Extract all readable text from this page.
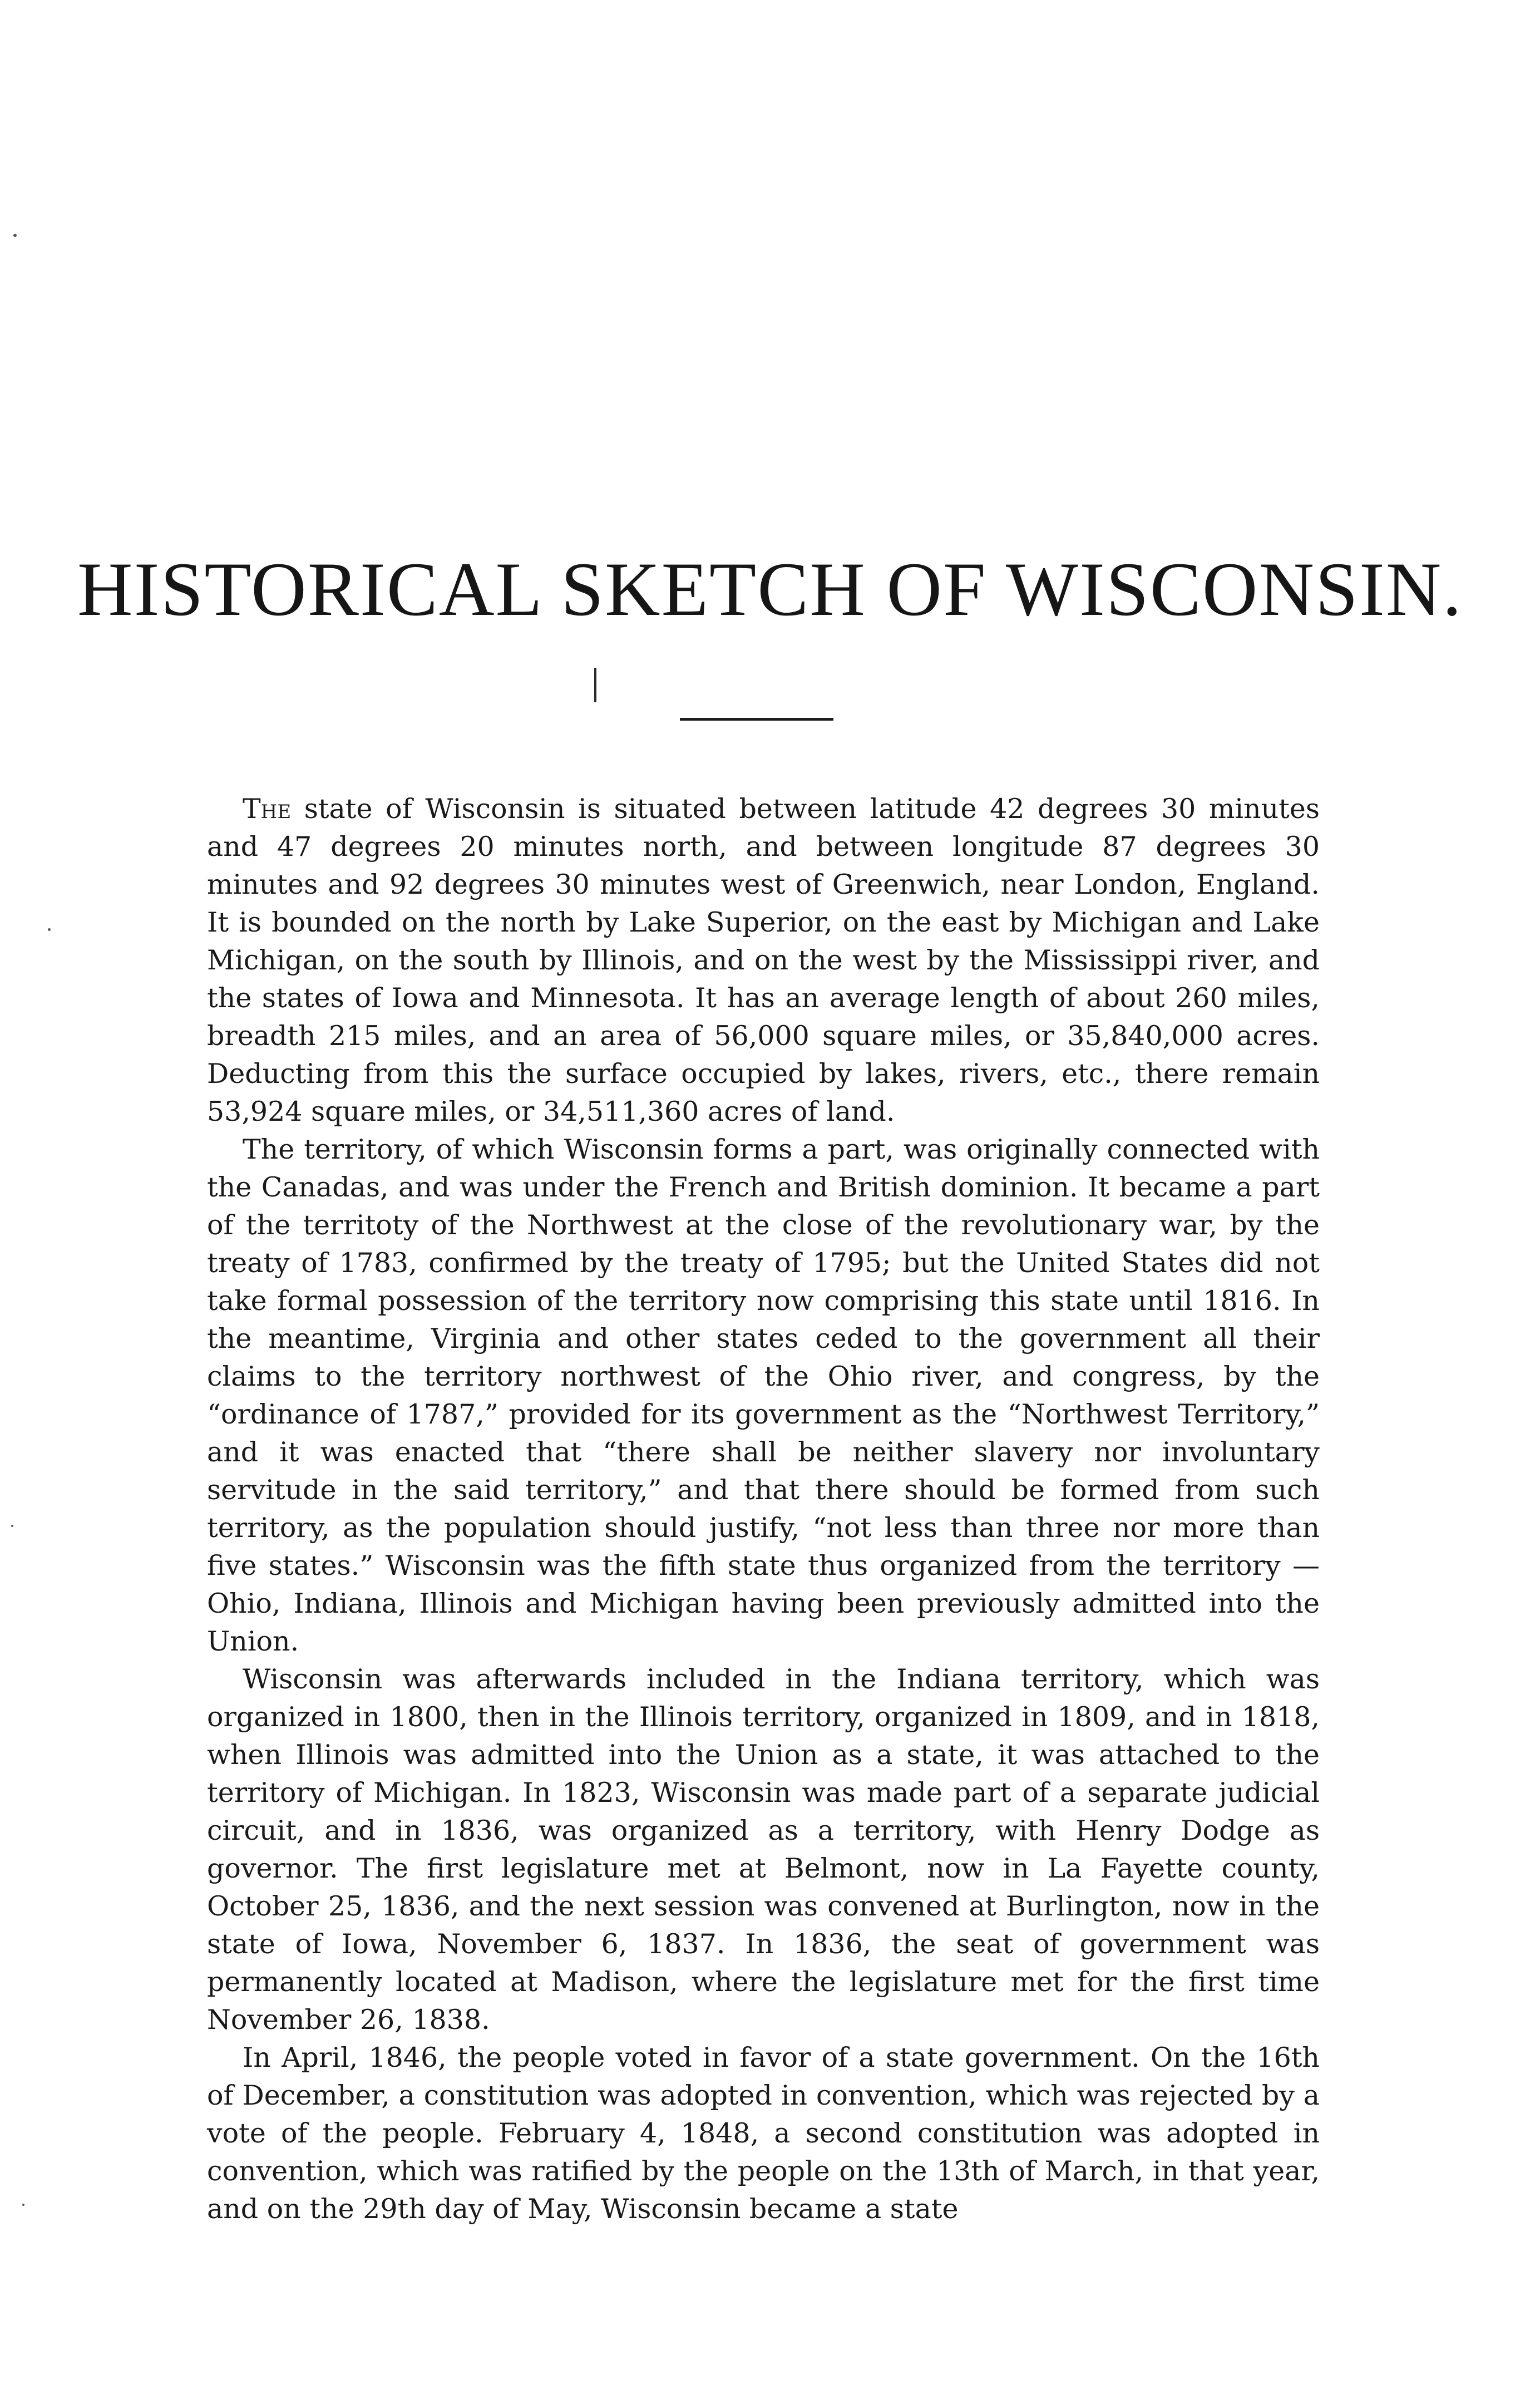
HISTORICAL SKETCH OF WISCONSIN.

The state of Wisconsin is situated between latitude 42 degrees 30 minutes and 47 degrees 20 minutes north, and between longitude 87 degrees 30 minutes and 92 degrees 30 minutes west of Greenwich, near London, England. It is bounded on the north by Lake Superior, on the east by Michigan and Lake Michigan, on the south by Illinois, and on the west by the Mississippi river, and the states of Iowa and Minnesota. It has an average length of about 260 miles, breadth 215 miles, and an area of 56,000 square miles, or 35,840,000 acres. Deducting from this the surface occupied by lakes, rivers, etc., there remain 53,924 square miles, or 34,511,360 acres of land.

The territory, of which Wisconsin forms a part, was originally connected with the Canadas, and was under the French and British dominion. It became a part of the territoty of the Northwest at the close of the revolutionary war, by the treaty of 1783, confirmed by the treaty of 1795; but the United States did not take formal possession of the territory now comprising this state until 1816. In the meantime, Virginia and other states ceded to the government all their claims to the territory northwest of the Ohio river, and congress, by the “ordinance of 1787,” provided for its government as the “Northwest Territory,” and it was enacted that “there shall be neither slavery nor involuntary servitude in the said territory,” and that there should be formed from such territory, as the population should justify, “not less than three nor more than five states.” Wisconsin was the fifth state thus organized from the territory — Ohio, Indiana, Illinois and Michigan having been previously admitted into the Union.

Wisconsin was afterwards included in the Indiana territory, which was organized in 1800, then in the Illinois territory, organized in 1809, and in 1818, when Illinois was admitted into the Union as a state, it was attached to the territory of Michigan. In 1823, Wisconsin was made part of a separate judicial circuit, and in 1836, was organized as a territory, with Henry Dodge as governor. The first legislature met at Belmont, now in La Fayette county, October 25, 1836, and the next session was convened at Burlington, now in the state of Iowa, November 6, 1837. In 1836, the seat of government was permanently located at Madison, where the legislature met for the first time November 26, 1838.

In April, 1846, the people voted in favor of a state government. On the 16th of December, a constitution was adopted in convention, which was rejected by a vote of the people. February 4, 1848, a second constitution was adopted in convention, which was ratified by the people on the 13th of March, in that year, and on the 29th day of May, Wisconsin became a state
